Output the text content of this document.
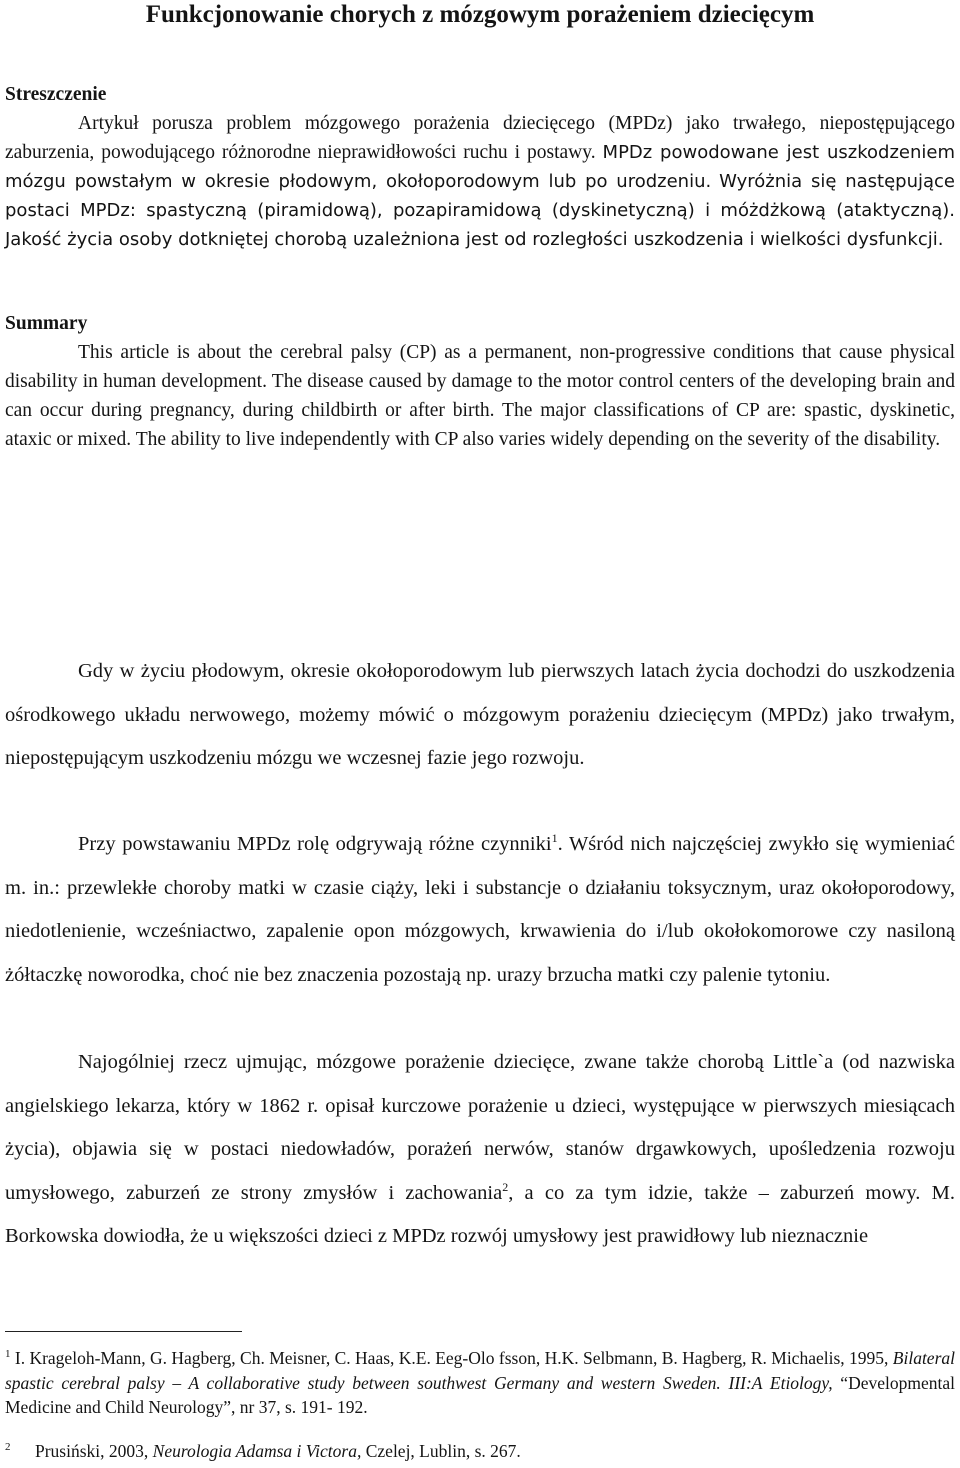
Funkcjonowanie chorych z mózgowym porażeniem dziecięcym

Streszczenie
Artykuł porusza problem mózgowego porażenia dziecięcego (MPDz) jako trwałego, niepostępującego zaburzenia, powodującego różnorodne nieprawidłowości ruchu i postawy. MPDz powodowane jest uszkodzeniem mózgu powstałym w okresie płodowym, okołoporodowym lub po urodzeniu. Wyróżnia się następujące postaci MPDz: spastyczną (piramidową), pozapiramidową (dyskinetyczną) i móżdżkową (ataktyczną). Jakość życia osoby dotkniętej chorobą uzależniona jest od rozległości uszkodzenia i wielkości dysfunkcji.

Summary
This article is about the cerebral palsy (CP) as a permanent, non-progressive conditions that cause physical disability in human development. The disease caused by damage to the motor control centers of the developing brain and can occur during pregnancy, during childbirth or after birth. The major classifications of CP are: spastic, dyskinetic, ataxic or mixed. The ability to live independently with CP also varies widely depending on the severity of the disability.

Gdy w życiu płodowym, okresie okołoporodowym lub pierwszych latach życia dochodzi do uszkodzenia ośrodkowego układu nerwowego, możemy mówić o mózgowym porażeniu dziecięcym (MPDz) jako trwałym, niepostępującym uszkodzeniu mózgu we wczesnej fazie jego rozwoju.

Przy powstawaniu MPDz rolę odgrywają różne czynniki$^1$. Wśród nich najczęściej zwykło się wymieniać m. in.: przewlekłe choroby matki w czasie ciąży, leki i substancje o działaniu toksycznym, uraz okołoporodowy, niedotlenienie, wcześniactwo, zapalenie opon mózgowych, krwawienia do i/lub okołokomorowe czy nasiloną żółtaczkę noworodka, choć nie bez znaczenia pozostają np. urazy brzucha matki czy palenie tytoniu.

Najogólniej rzecz ujmując, mózgowe porażenie dziecięce, zwane także chorobą Little`a (od nazwiska angielskiego lekarza, który w 1862 r. opisał kurczowe porażenie u dzieci, występujące w pierwszych miesiącach życia), objawia się w postaci niedowładów, porażeń nerwów, stanów drgawkowych, upośledzenia rozwoju umysłowego, zaburzeń ze strony zmysłów i zachowania$^2$, a co za tym idzie, także – zaburzeń mowy. M. Borkowska dowiodła, że u większości dzieci z MPDz rozwój umysłowy jest prawidłowy lub nieznacznie

$^1$ I. Krageloh-Mann, G. Hagberg, Ch. Meisner, C. Haas, K.E. Eeg-Olo fsson, H.K. Selbmann, B. Hagberg, R. Michaelis, 1995, Bilateral spastic cerebral palsy – A collaborative study between southwest Germany and western Sweden. III:A Etiology, “Developmental Medicine and Child Neurology”, nr 37, s. 191- 192.

2 Prusiński, 2003, Neurologia Adamsa i Victora, Czelej, Lublin, s. 267.
